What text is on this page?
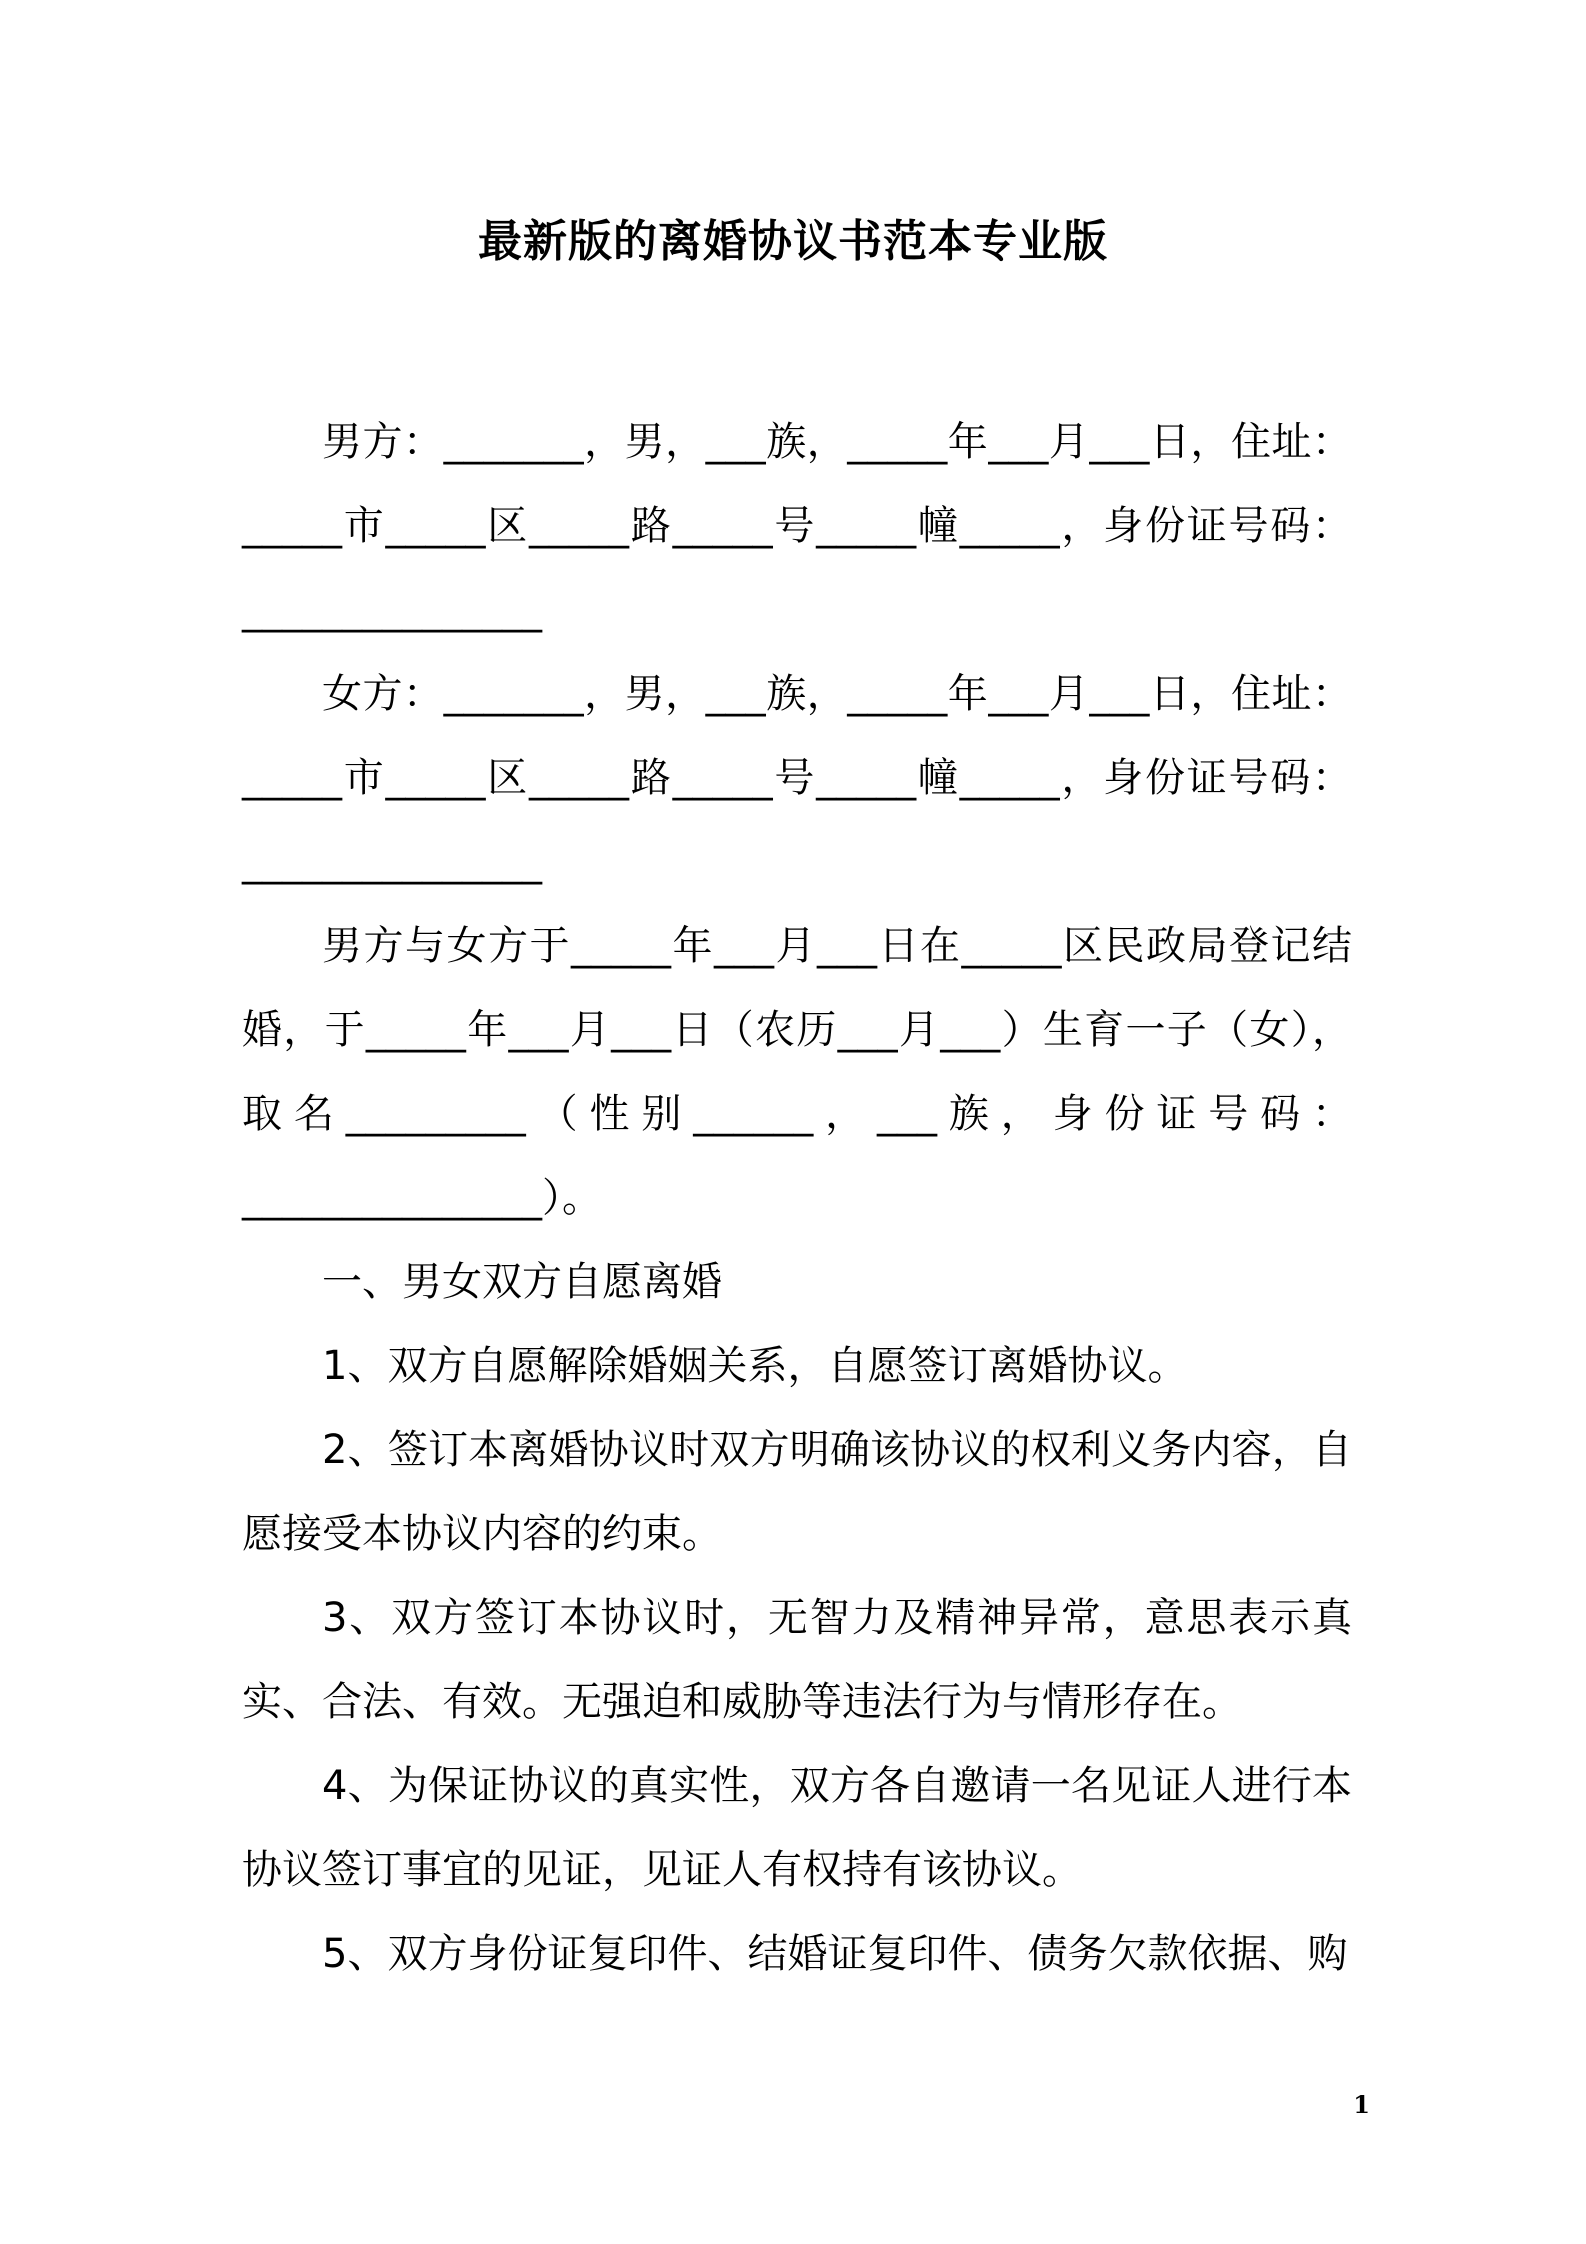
最新版的离婚协议书范本专业版

男方：_______，男，___族，_____年___月___日，住址：_____市_____区_____路_____号_____幢_____，身份证号码：_______________

女方：_______，男，___族，_____年___月___日，住址：_____市_____区_____路_____号_____幢_____，身份证号码：_______________

男方与女方于_____年___月___日在_____区民政局登记结婚，于_____年___月___日（农历___月___）生育一子（女），取名_________（性别______，___族，身份证号码：_______________）。

一、男女双方自愿离婚

1、双方自愿解除婚姻关系，自愿签订离婚协议。

2、签订本离婚协议时双方明确该协议的权利义务内容，自愿接受本协议内容的约束。

3、双方签订本协议时，无智力及精神异常，意思表示真实、合法、有效。无强迫和威胁等违法行为与情形存在。

4、为保证协议的真实性，双方各自邀请一名见证人进行本协议签订事宜的见证，见证人有权持有该协议。

5、双方身份证复印件、结婚证复印件、债务欠款依据、购

1
